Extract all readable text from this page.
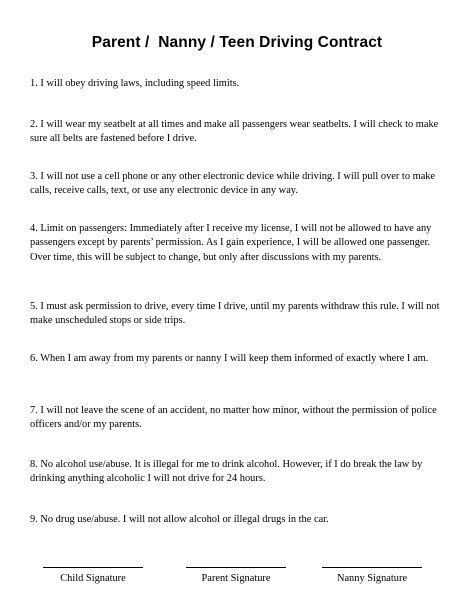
Parent /  Nanny / Teen Driving Contract

1. I will obey driving laws, including speed limits.

2. I will wear my seatbelt at all times and make all passengers wear seatbelts. I will check to make sure all belts are fastened before I drive.

3. I will not use a cell phone or any other electronic device while driving. I will pull over to make calls, receive calls, text, or use any electronic device in any way.

4. Limit on passengers: Immediately after I receive my license, I will not be allowed to have any passengers except by parents’ permission. As I gain experience, I will be allowed one passenger. Over time, this will be subject to change, but only after discussions with my parents.

5. I must ask permission to drive, every time I drive, until my parents withdraw this rule. I will not make unscheduled stops or side trips.

6. When I am away from my parents or nanny I will keep them informed of exactly where I am.

7. I will not leave the scene of an accident, no matter how minor, without the permission of police officers and/or my parents.

8. No alcohol use/abuse. It is illegal for me to drink alcohol. However, if I do break the law by drinking anything alcoholic I will not drive for 24 hours.

9. No drug use/abuse. I will not allow alcohol or illegal drugs in the car.

Child Signature	Parent Signature	Nanny Signature
